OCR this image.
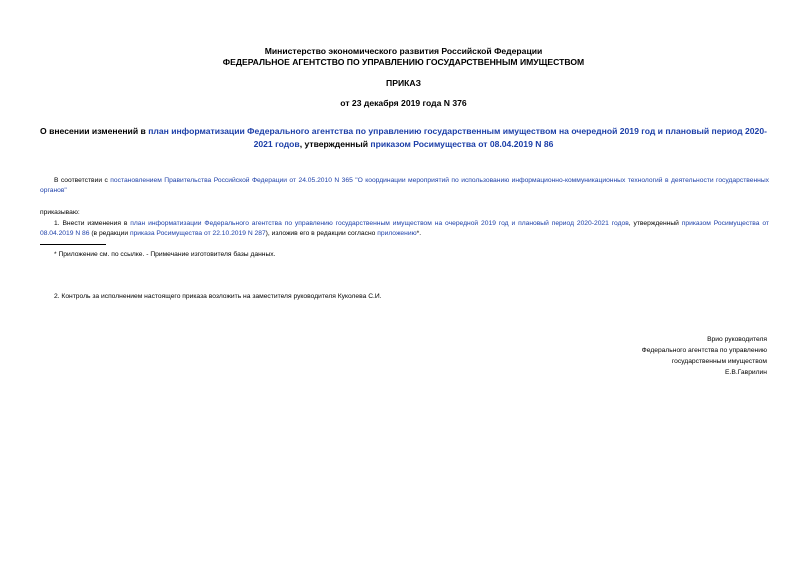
Министерство экономического развития Российской Федерации
ФЕДЕРАЛЬНОЕ АГЕНТСТВО ПО УПРАВЛЕНИЮ ГОСУДАРСТВЕННЫМ ИМУЩЕСТВОМ
ПРИКАЗ
от 23 декабря 2019 года N 376
О внесении изменений в план информатизации Федерального агентства по управлению государственным имуществом на очередной 2019 год и плановый период 2020-2021 годов, утвержденный приказом Росимущества от 08.04.2019 N 86
В соответствии с постановлением Правительства Российской Федерации от 24.05.2010 N 365 "О координации мероприятий по использованию информационно-коммуникационных технологий в деятельности государственных органов"
приказываю:
1. Внести изменения в план информатизации Федерального агентства по управлению государственным имуществом на очередной 2019 год и плановый период 2020-2021 годов, утвержденный приказом Росимущества от 08.04.2019 N 86 (в редакции приказа Росимущества от 22.10.2019 N 287), изложив его в редакции согласно приложению*.
* Приложение см. по ссылке. - Примечание изготовителя базы данных.
2. Контроль за исполнением настоящего приказа возложить на заместителя руководителя Куколева С.И.
Врио руководителя
Федерального агентства по управлению
государственным имуществом
Е.В.Гаврилин
